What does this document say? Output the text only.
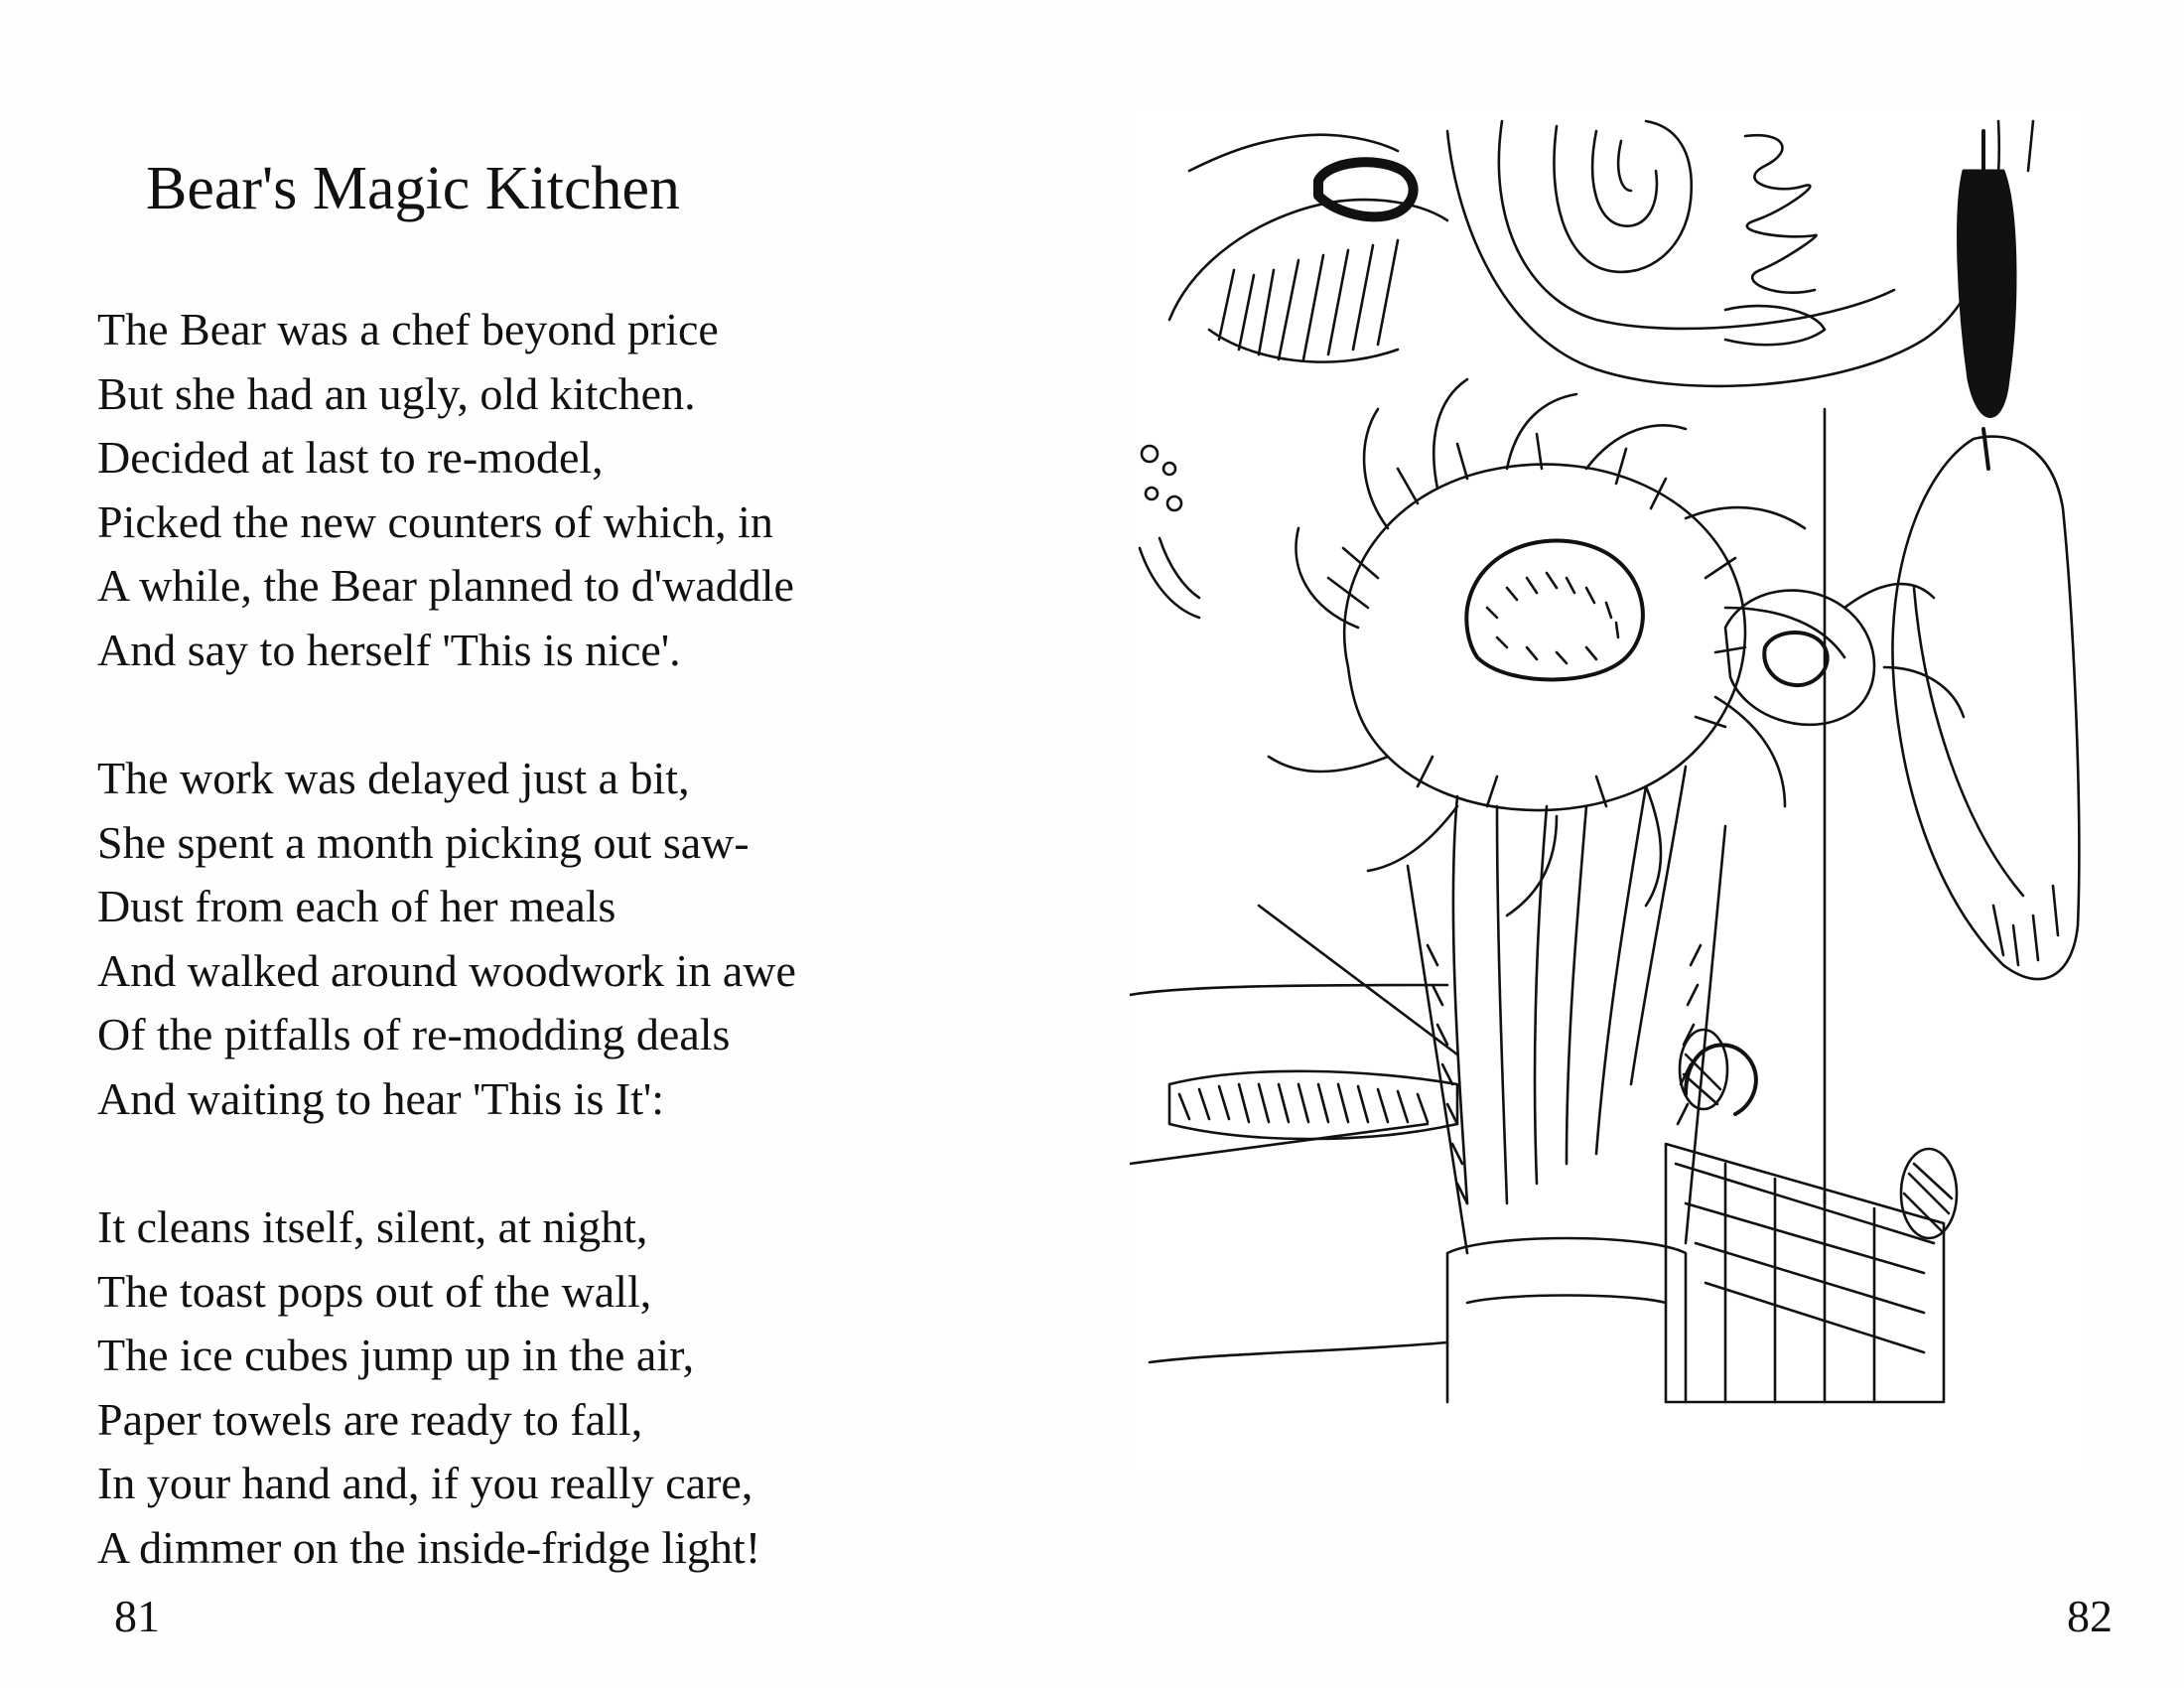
Bear's Magic Kitchen
The Bear was a chef beyond price
But she had an ugly, old kitchen.
Decided at last to re-model,
Picked the new counters of which, in
A while, the Bear planned to d'waddle
And say to herself 'This is nice'.
The work was delayed just a bit,
She spent a month picking out saw-
Dust from each of her meals
And walked around woodwork in awe
Of the pitfalls of re-modding deals
And waiting to hear 'This is It':
It cleans itself, silent, at night,
The toast pops out of the wall,
The ice cubes jump up in the air,
Paper towels are ready to fall,
In your hand and, if you really care,
A dimmer on the inside-fridge light!
81	82
